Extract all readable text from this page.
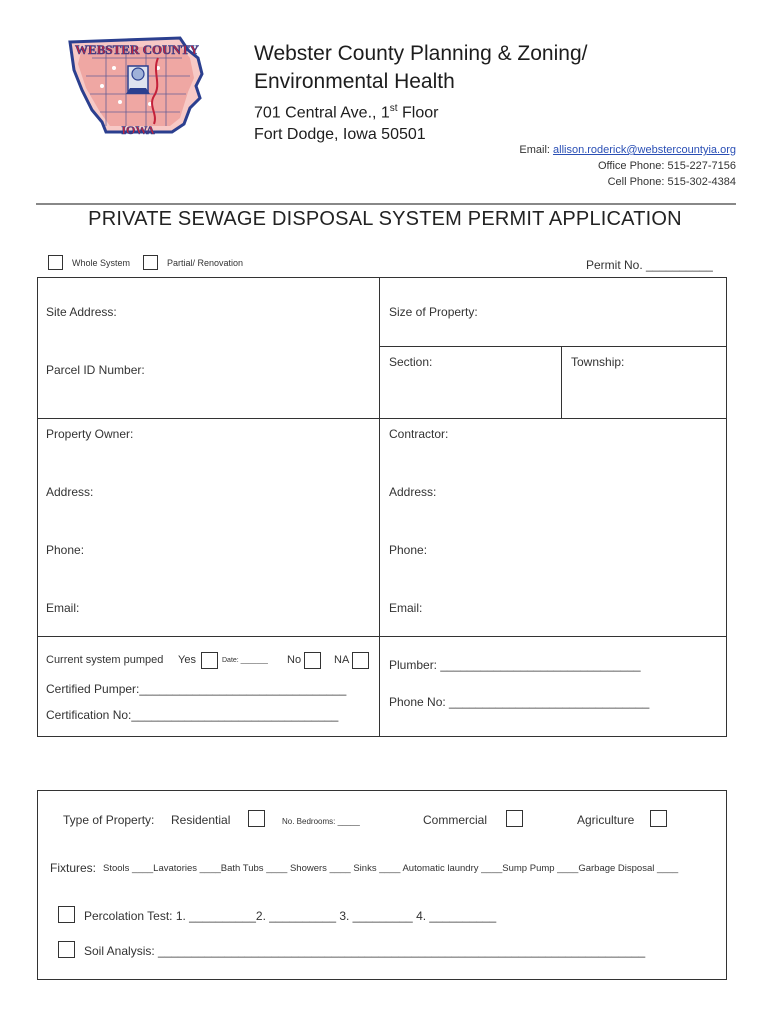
WEBSTER COUNTY
IOWA
Webster County Planning & Zoning/
Environmental Health
701 Central Ave., 1st Floor
Fort Dodge, Iowa 50501
Email: allison.roderick@webstercountyia.org
Office Phone: 515-227-7156
Cell Phone: 515-302-4384
PRIVATE SEWAGE DISPOSAL SYSTEM PERMIT APPLICATION
Whole System	Partial/ Renovation	Permit No. __________
Site Address:
Parcel ID Number:
Size of Property:
Section:	Township:
Property Owner:
Address:
Phone:
Email:
Contractor:
Address:
Phone:
Email:
Current system pumped Yes	Date: _______ No	NA
Certified Pumper:_______________________________
Certification No:_______________________________
Plumber: ______________________________
Phone No: ______________________________
Type of Property: Residential	No. Bedrooms: _____	Commercial	Agriculture
Fixtures: Stools ____Lavatories ____Bath Tubs ____ Showers ____ Sinks ____ Automatic laundry ____Sump Pump ____Garbage Disposal ____
Percolation Test: 1. __________2. __________ 3. _________ 4. __________
Soil Analysis: _________________________________________________________________________
